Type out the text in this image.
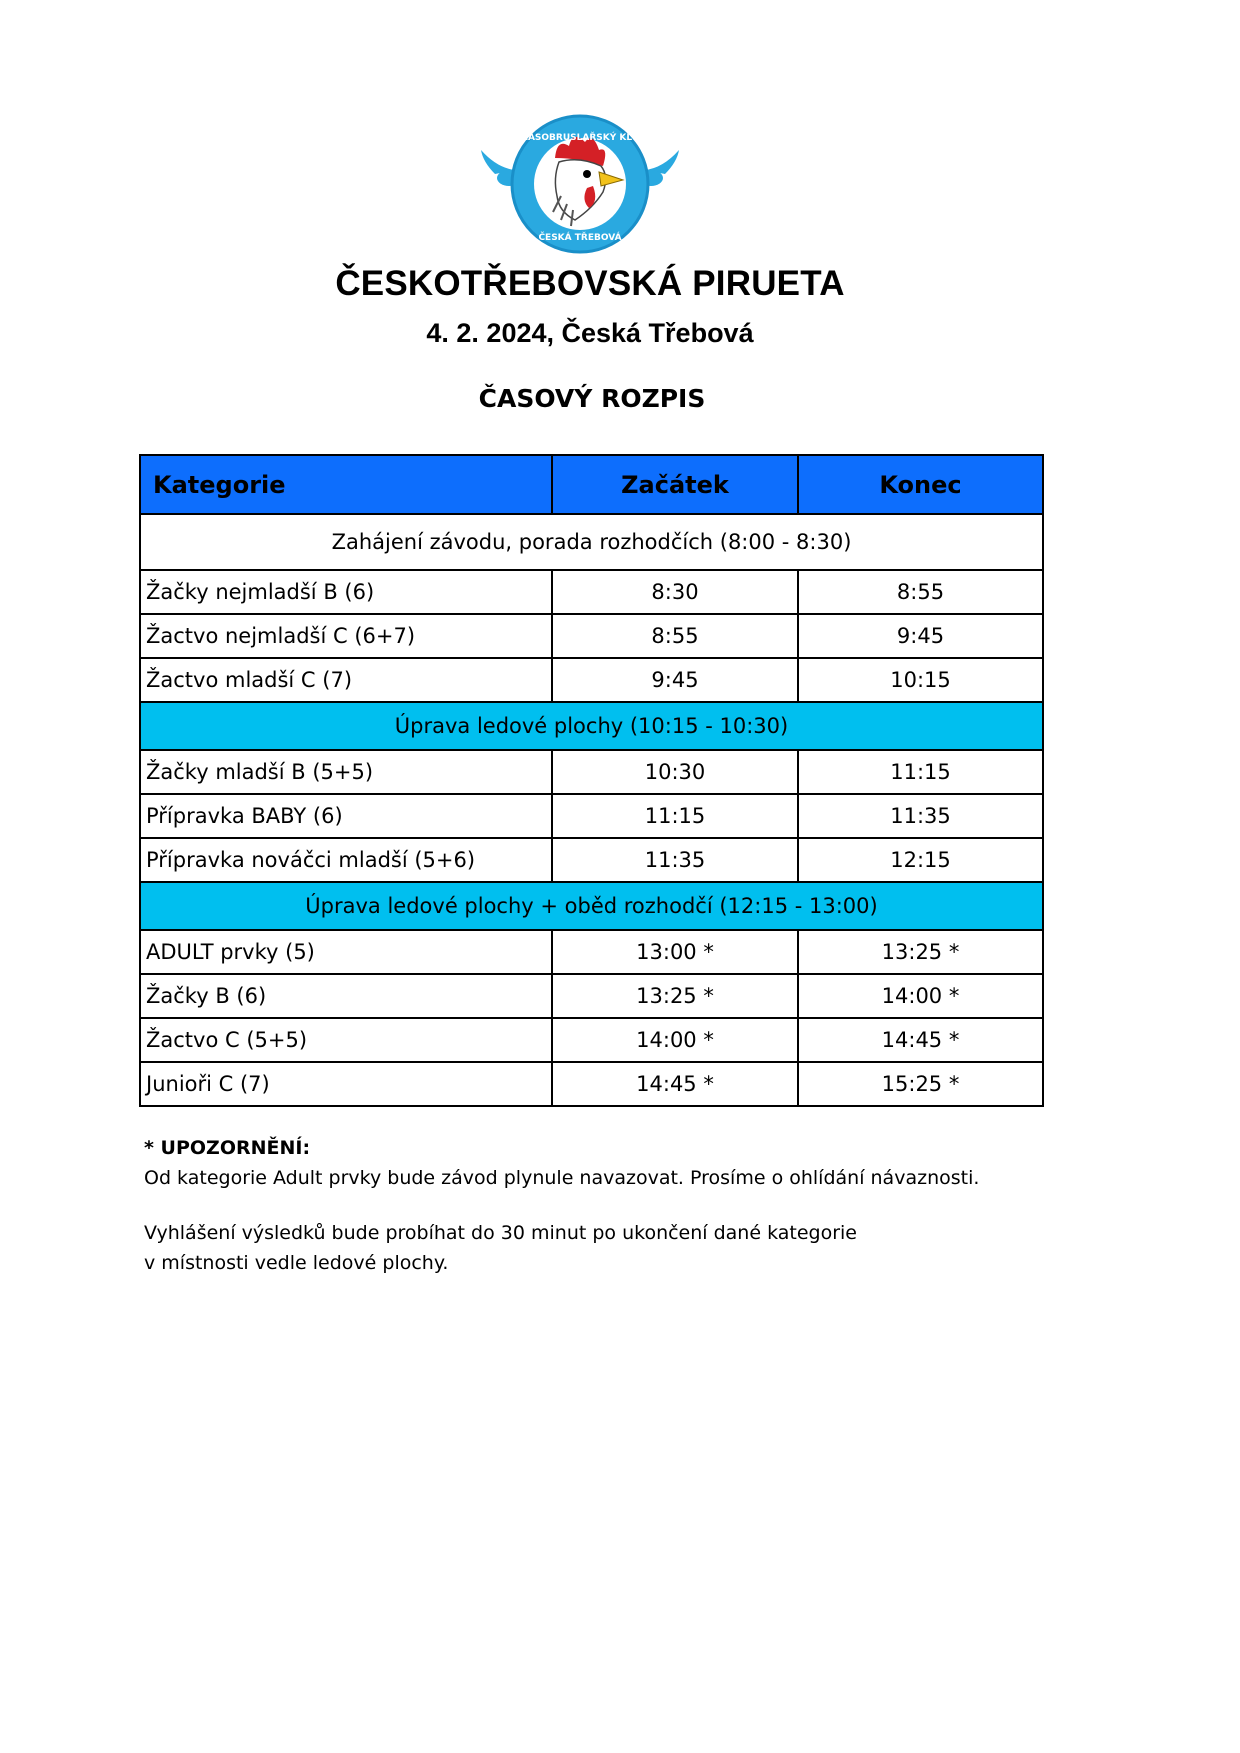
KRASOBRUSLAŘSKÝ KLUB
ČESKÁ TŘEBOVÁ
ČESKOTŘEBOVSKÁ PIRUETA
4. 2. 2024, Česká Třebová
ČASOVÝ ROZPIS
Kategorie	Začátek	Konec
Zahájení závodu, porada rozhodčích (8:00 - 8:30)		
Žačky nejmladší B (6)	8:30	8:55
Žactvo nejmladší C (6+7)	8:55	9:45
Žactvo mladší C (7)	9:45	10:15
Úprava ledové plochy (10:15 - 10:30)		
Žačky mladší B (5+5)	10:30	11:15
Přípravka BABY (6)	11:15	11:35
Přípravka nováčci mladší (5+6)	11:35	12:15
Úprava ledové plochy + oběd rozhodčí (12:15 - 13:00)		
ADULT prvky (5)	13:00 *	13:25 *
Žačky B (6)	13:25 *	14:00 *
Žactvo C (5+5)	14:00 *	14:45 *
Junioři C (7)	14:45 *	15:25 *
* UPOZORNĚNÍ:
Od kategorie Adult prvky bude závod plynule navazovat. Prosíme o ohlídání návaznosti.
Vyhlášení výsledků bude probíhat do 30 minut po ukončení dané kategorie
v místnosti vedle ledové plochy.
